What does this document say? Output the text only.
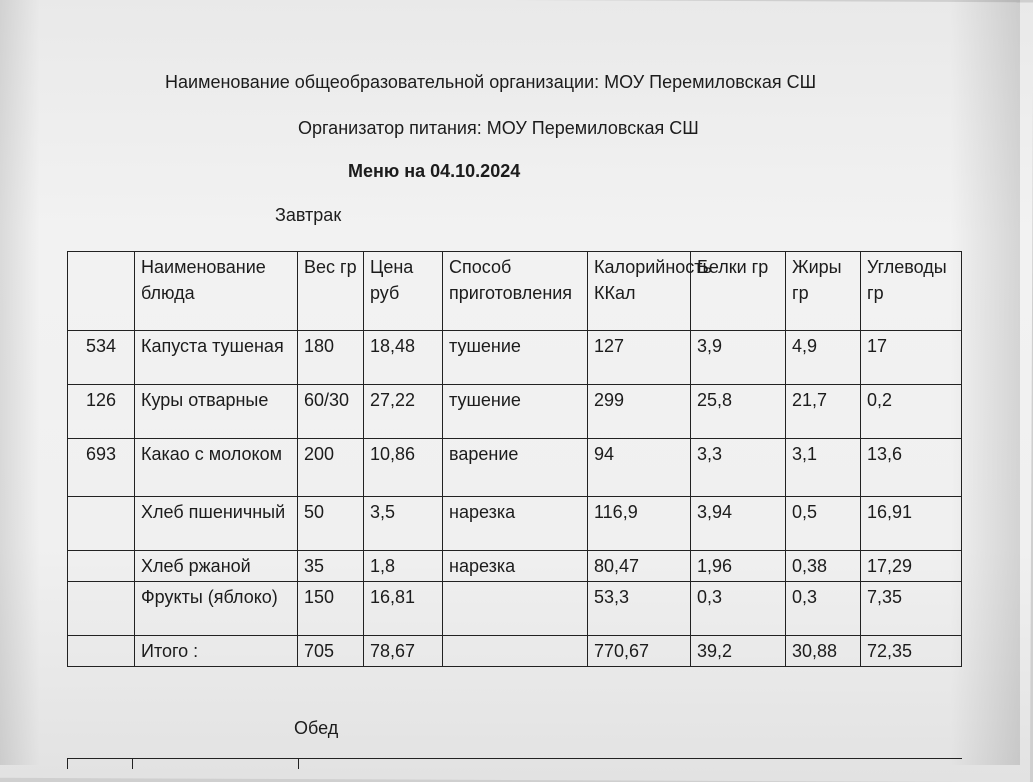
Наименование общеобразовательной организации: МОУ Перемиловская СШ
Организатор питания: МОУ Перемиловская СШ
Меню на 04.10.2024
Завтрак
	Наименование блюда	Вес гр	Цена руб	Способ приготовления	Калорийность ККал	Белки гр	Жиры гр	Углеводы гр
534	Капуста тушеная	180	18,48	тушение	127	3,9	4,9	17
126	Куры отварные	60/30	27,22	тушение	299	25,8	21,7	0,2
693	Какао с молоком	200	10,86	варение	94	3,3	3,1	13,6
	Хлеб пшеничный	50	3,5	нарезка	116,9	3,94	0,5	16,91
	Хлеб ржаной	35	1,8	нарезка	80,47	1,96	0,38	17,29
	Фрукты (яблоко)	150	16,81		53,3	0,3	0,3	7,35
	Итого :	705	78,67		770,67	39,2	30,88	72,35
Обед
